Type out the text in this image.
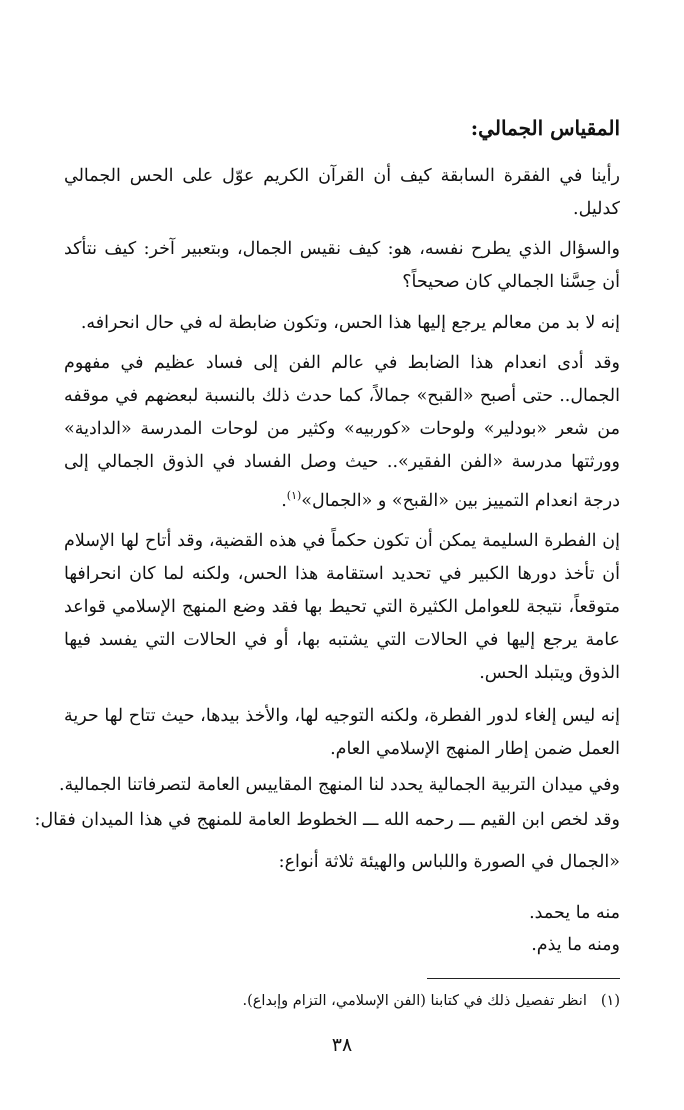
المقياس الجمالي:
رأينا في الفقرة السابقة كيف أن القرآن الكريم عوّل على الحس الجمالي كدليل.
والسؤال الذي يطرح نفسه، هو: كيف نقيس الجمال، وبتعبير آخر: كيف نتأكد أن حِسَّنا الجمالي كان صحيحاً؟
إنه لا بد من معالم يرجع إليها هذا الحس، وتكون ضابطة له في حال انحرافه.
وقد أدى انعدام هذا الضابط في عالم الفن إلى فساد عظيم في مفهوم الجمال.. حتى أصبح «القبح» جمالاً، كما حدث ذلك بالنسبة لبعضهم في موقفه من شعر «بودلير» ولوحات «كوربيه» وكثير من لوحات المدرسة «الدادية» وورثتها مدرسة «الفن الفقير».. حيث وصل الفساد في الذوق الجمالي إلى درجة انعدام التمييز بين «القبح» و «الجمال»$^{(١)}$.
إن الفطرة السليمة يمكن أن تكون حكماً في هذه القضية، وقد أتاح لها الإسلام أن تأخذ دورها الكبير في تحديد استقامة هذا الحس، ولكنه لما كان انحرافها متوقعاً، نتيجة للعوامل الكثيرة التي تحيط بها فقد وضع المنهج الإسلامي قواعد عامة يرجع إليها في الحالات التي يشتبه بها، أو في الحالات التي يفسد فيها الذوق ويتبلد الحس.
إنه ليس إلغاء لدور الفطرة، ولكنه التوجيه لها، والأخذ بيدها، حيث تتاح لها حرية العمل ضمن إطار المنهج الإسلامي العام.
وفي ميدان التربية الجمالية يحدد لنا المنهج المقاييس العامة لتصرفاتنا الجمالية.
وقد لخص ابن القيم ـــ رحمه الله ـــ الخطوط العامة للمنهج في هذا الميدان فقال:
«الجمال في الصورة واللباس والهيئة ثلاثة أنواع:
منه ما يحمد.
ومنه ما يذم.
(١)انظر تفصيل ذلك في كتابنا (الفن الإسلامي، التزام وإبداع).
٣٨
